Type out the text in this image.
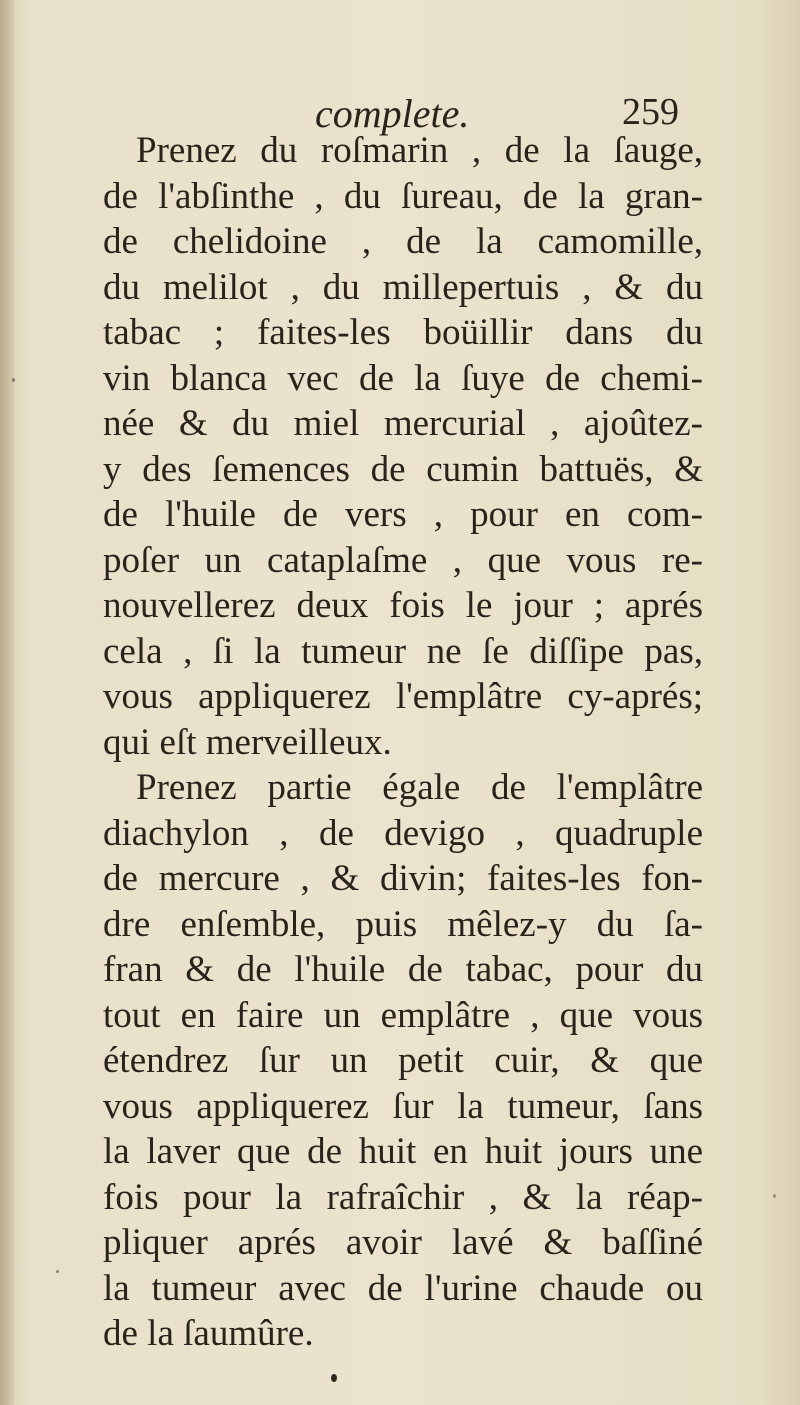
complete.	259
Prenez du roſmarin , de la ſauge,
de l'abſinthe , du ſureau, de la gran-
de chelidoine , de la camomille,
du melilot , du millepertuis , & du
tabac ; faites-les boüillir dans du
vin blanca vec de la ſuye de chemi-
née & du miel mercurial , ajoûtez-
y des ſemences de cumin battuës, &
de l'huile de vers , pour en com-
poſer un cataplaſme , que vous re-
nouvellerez deux fois le jour ; aprés
cela , ſi la tumeur ne ſe diſſipe pas,
vous appliquerez l'emplâtre cy-aprés;
qui eſt merveilleux.
Prenez partie égale de l'emplâtre
diachylon , de devigo , quadruple
de mercure , & divin; faites-les fon-
dre enſemble, puis mêlez-y du ſa-
fran & de l'huile de tabac, pour du
tout en faire un emplâtre , que vous
étendrez ſur un petit cuir, & que
vous appliquerez ſur la tumeur, ſans
la laver que de huit en huit jours une
fois pour la rafraîchir , & la réap-
pliquer aprés avoir lavé & baſſiné
la tumeur avec de l'urine chaude ou
de la ſaumûre.
